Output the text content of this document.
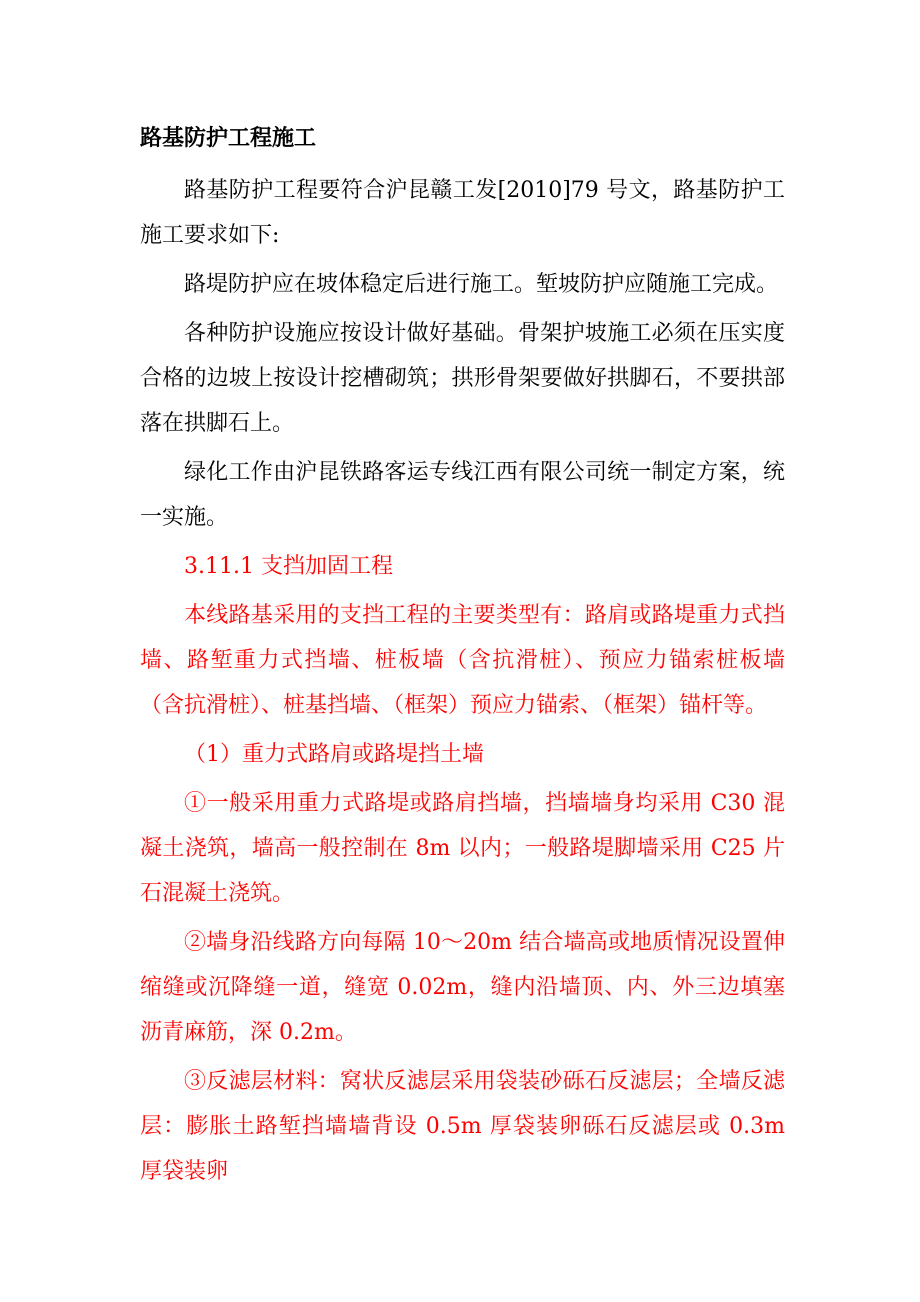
路基防护工程施工

路基防护工程要符合沪昆赣工发[2010]79 号文，路基防护工施工要求如下:

路堤防护应在坡体稳定后进行施工。堑坡防护应随施工完成。

各种防护设施应按设计做好基础。骨架护坡施工必须在压实度合格的边坡上按设计挖槽砌筑；拱形骨架要做好拱脚石，不要拱部落在拱脚石上。

绿化工作由沪昆铁路客运专线江西有限公司统一制定方案，统一实施。

3.11.1 支挡加固工程

本线路基采用的支挡工程的主要类型有：路肩或路堤重力式挡墙、路堑重力式挡墙、桩板墙（含抗滑桩）、预应力锚索桩板墙（含抗滑桩）、桩基挡墙、（框架）预应力锚索、（框架）锚杆等。

（1）重力式路肩或路堤挡土墙

①一般采用重力式路堤或路肩挡墙，挡墙墙身均采用 C30 混凝土浇筑，墙高一般控制在 8m 以内；一般路堤脚墙采用 C25 片石混凝土浇筑。

②墙身沿线路方向每隔 10～20m 结合墙高或地质情况设置伸缩缝或沉降缝一道，缝宽 0.02m，缝内沿墙顶、内、外三边填塞沥青麻筋，深 0.2m。

③反滤层材料：窝状反滤层采用袋装砂砾石反滤层；全墙反滤层：膨胀土路堑挡墙墙背设 0.5m 厚袋装卵砾石反滤层或 0.3m 厚袋装卵
